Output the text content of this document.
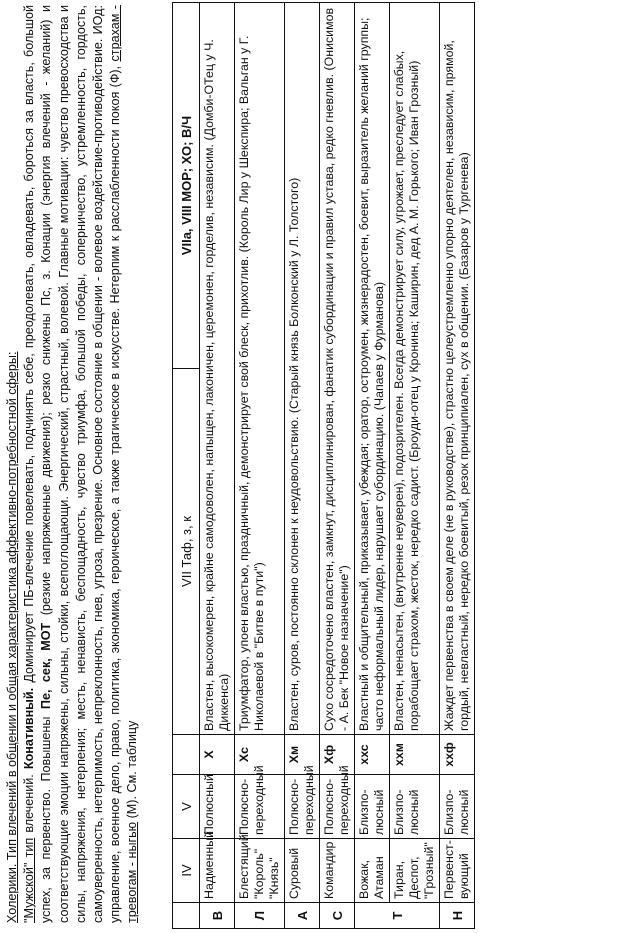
Холерики. Тип влечений в общении и общая характеристика аффективно-потребностной сферы: "Мужской" тип влечений. Конативный. Доминирует ПБ-влечение повелевать, подчинять себе, преодолевать, овладевать, бороться за власть, большой успех, за первенство. Повышены Пе, сек, МОТ (резкие напряженные движения); резко снижены Пс, з. Конации (энергия влечений - желаний) и соответствующие эмоции напряжены, сильны, стойки, всепоглощающи. Энергический, страстный, волевой. Главные мотивации: чувство превосходства и силы, напряжения, нетерпения; месть, ненависть, беспощадность, чувство триумфа, большой победы, соперничество, устремленность, гордость, самоуверенность, нетерпимость, непреклонность, гнев, угроза, презрение. Основное состояние в общении - волевое воздействие-противодействие. ИОд: управление, военное дело, право, политика, экономика, героическое, а также трагическое в искусстве. Нетерпим к расслабленности покоя (Ф), страхам - тревогам - ныгью (М). См. таблицу

	IV	V		VII Таф, з, к	VIIa, VIII МОР; ХО; В/Ч
В	Надменный	Полюсный	Х	Властен, высокомерен, крайне самодоволен, напыщен, лаконичен, церемонен, горделив, независим. (Домби-ОТец у Ч. Диккенса)	
Л	Блестящий "Король" "Князь"	Полюсно-переходный	Хс	Триумфатор, упоен властью, праздничный, демонстрирует свой блеск, прихотлив. (Король Лир у Шекспира; Вальган у Г. Николаевой в "Битве в пути")	
А	Суровый	Полюсно-переходный	Хм	Властен, суров, постоянно склонен к неудовольствию. (Старый князь Болконский у Л. Толстого)	
С	Командир	Полюсно-переходный	Хф	Сухо сосредоточено властен, замкнут, дисциплинирован, фанатик субординации и правил устава, редко гневлив. (Онисимов - А. Бек "Новое назначение")	
Т	Вожак, Атаман	Близпо-люсный	ххс	Властный и общительный, приказывает, убеждая; оратор, остроумен, жизнерадостен, боевит, выразитель желаний группы; часто неформальный лидер, нарушает субординацию. (Чапаев у Фурманова)	
	Тиран, Деспот, "Грозный"	Близпо-люсный	ххм	Властен, ненасытен, (внутренне неуверен), подозрителен. Всегда демонстрирует силу, угрожает, преследует слабых, порабощает страхом, жесток, нередко садист. (Броуди-отец у Кронина; Каширин, дед А. М. Горького; Иван Грозный)	
Н	Первенст-вующий	Близпо-люсный	ххф	Жаждет первенства в своем деле (не в руководстве), страстно целеустремленно упорно деятелен, независим, прямой, гордый, невластный, нередко боевитый, резок принципиален, сух в общении. (Базаров у Тургенева)	
